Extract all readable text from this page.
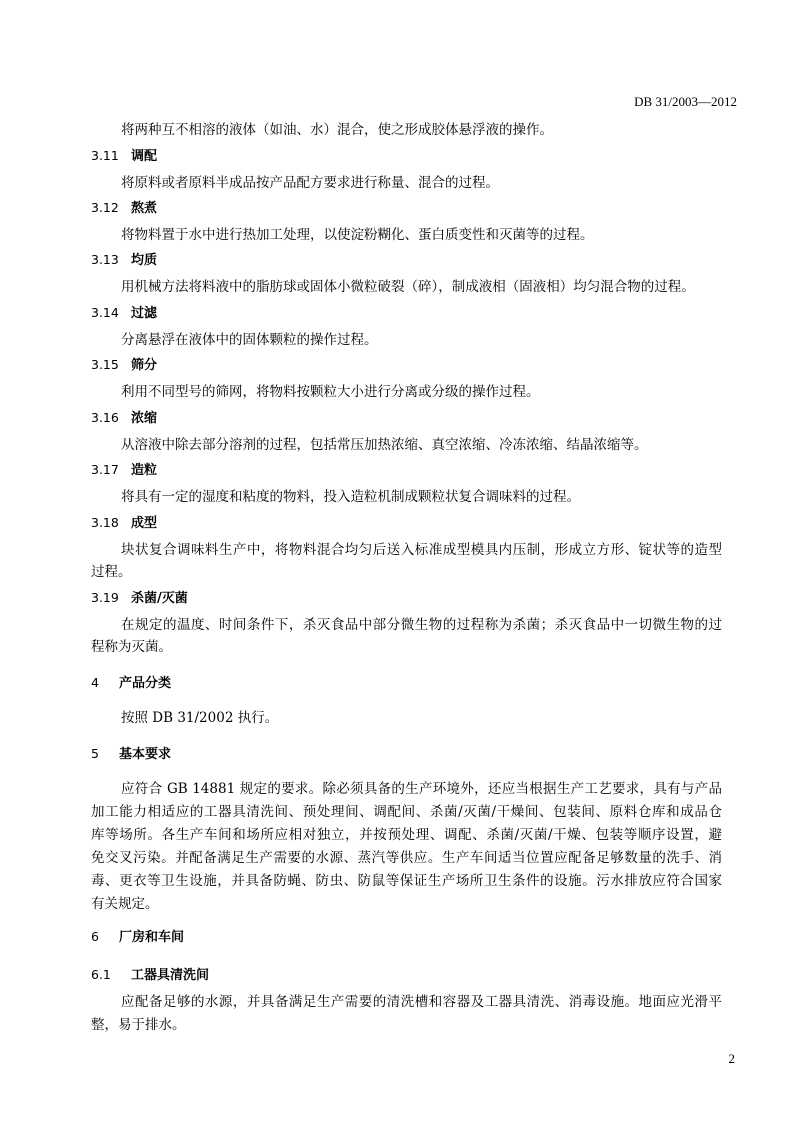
DB 31/2003—2012
将两种互不相溶的液体（如油、水）混合，使之形成胶体悬浮液的操作。
3.11 调配
将原料或者原料半成品按产品配方要求进行称量、混合的过程。
3.12 熬煮
将物料置于水中进行热加工处理，以使淀粉糊化、蛋白质变性和灭菌等的过程。
3.13 均质
用机械方法将料液中的脂肪球或固体小微粒破裂（碎），制成液相（固液相）均匀混合物的过程。
3.14 过滤
分离悬浮在液体中的固体颗粒的操作过程。
3.15 筛分
利用不同型号的筛网，将物料按颗粒大小进行分离或分级的操作过程。
3.16 浓缩
从溶液中除去部分溶剂的过程，包括常压加热浓缩、真空浓缩、冷冻浓缩、结晶浓缩等。
3.17 造粒
将具有一定的湿度和粘度的物料，投入造粒机制成颗粒状复合调味料的过程。
3.18 成型
块状复合调味料生产中，将物料混合均匀后送入标准成型模具内压制，形成立方形、锭状等的造型
过程。
3.19 杀菌/灭菌
在规定的温度、时间条件下，杀灭食品中部分微生物的过程称为杀菌；杀灭食品中一切微生物的过
程称为灭菌。
4 产品分类
按照 DB 31/2002 执行。
5 基本要求
应符合 GB 14881 规定的要求。除必须具备的生产环境外，还应当根据生产工艺要求，具有与产品
加工能力相适应的工器具清洗间、预处理间、调配间、杀菌/灭菌/干燥间、包装间、原料仓库和成品仓
库等场所。各生产车间和场所应相对独立，并按预处理、调配、杀菌/灭菌/干燥、包装等顺序设置，避
免交叉污染。并配备满足生产需要的水源、蒸汽等供应。生产车间适当位置应配备足够数量的洗手、消
毒、更衣等卫生设施，并具备防蝇、防虫、防鼠等保证生产场所卫生条件的设施。污水排放应符合国家
有关规定。
6 厂房和车间
6.1 工器具清洗间
应配备足够的水源，并具备满足生产需要的清洗槽和容器及工器具清洗、消毒设施。地面应光滑平
整，易于排水。
2
